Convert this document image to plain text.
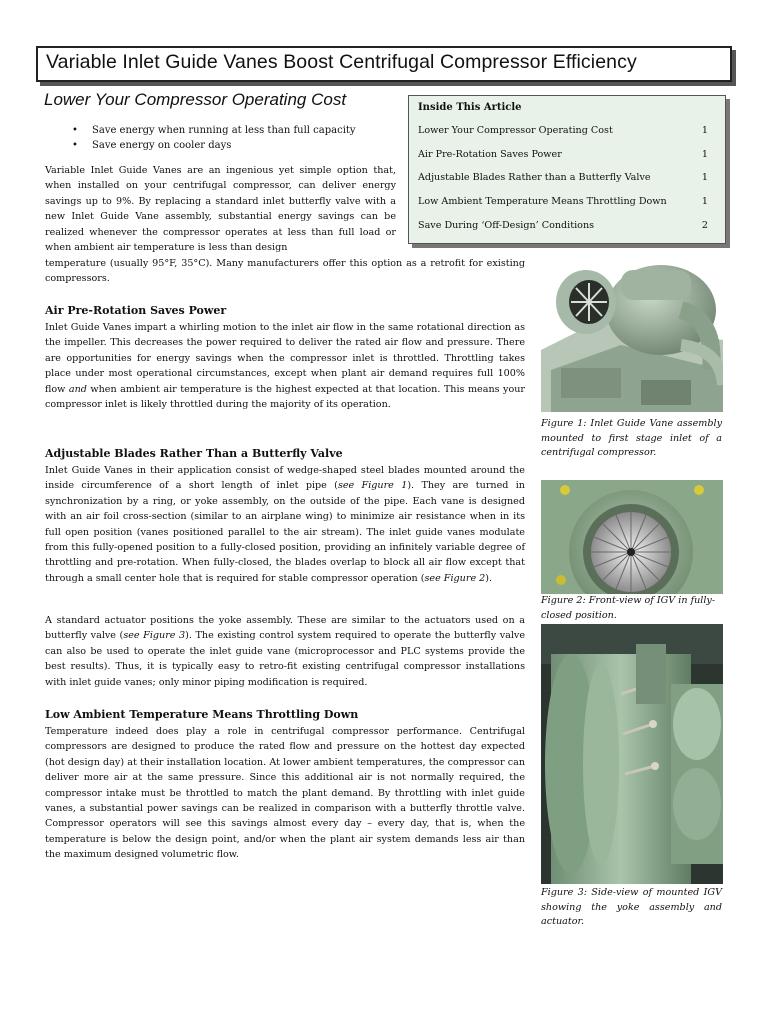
Variable Inlet Guide Vanes Boost Centrifugal Compressor Efficiency
Lower Your Compressor Operating Cost
• Save energy when running at less than full capacity
• Save energy on cooler days

Variable Inlet Guide Vanes are an ingenious yet simple option that, when installed on your centrifugal compressor, can deliver energy savings up to 9%. By replacing a standard inlet butterfly valve with a new Inlet Guide Vane assembly, substantial energy savings can be realized whenever the compressor operates at less than full load or when ambient air temperature is less than design

temperature (usually 95°F, 35°C). Many manufacturers offer this option as a retrofit for existing compressors.

Air Pre-Rotation Saves Power

Inlet Guide Vanes impart a whirling motion to the inlet air flow in the same rotational direction as the impeller. This decreases the power required to deliver the rated air flow and pressure. There are opportunities for energy savings when the compressor inlet is throttled. Throttling takes place under most operational circumstances, except when plant air demand requires full 100% flow and when ambient air temperature is the highest expected at that location. This means your compressor inlet is likely throttled during the majority of its operation.

Adjustable Blades Rather Than a Butterfly Valve

Inlet Guide Vanes in their application consist of wedge-shaped steel blades mounted around the inside circumference of a short length of inlet pipe (see Figure 1). They are turned in synchronization by a ring, or yoke assembly, on the outside of the pipe. Each vane is designed with an air foil cross-section (similar to an airplane wing) to minimize air resistance when in its full open position (vanes positioned parallel to the air stream). The inlet guide vanes modulate from this fully-opened position to a fully-closed position, providing an infinitely variable degree of throttling and pre-rotation. When fully-closed, the blades overlap to block all air flow except that through a small center hole that is required for stable compressor operation (see Figure 2).

A standard actuator positions the yoke assembly. These are similar to the actuators used on a butterfly valve (see Figure 3). The existing control system required to operate the butterfly valve can also be used to operate the inlet guide vane (microprocessor and PLC systems provide the best results). Thus, it is typically easy to retro-fit existing centrifugal compressor installations with inlet guide vanes; only minor piping modification is required.

Low Ambient Temperature Means Throttling Down

Temperature indeed does play a role in centrifugal compressor performance. Centrifugal compressors are designed to produce the rated flow and pressure on the hottest day expected (hot design day) at their installation location. At lower ambient temperatures, the compressor can deliver more air at the same pressure. Since this additional air is not normally required, the compressor intake must be throttled to match the plant demand. By throttling with inlet guide vanes, a substantial power savings can be realized in comparison with a butterfly throttle valve. Compressor operators will see this savings almost every day – every day, that is, when the temperature is below the design point, and/or when the plant air system demands less air than the maximum designed volumetric flow.

Inside This Article
Lower Your Compressor Operating Cost	1
Air Pre-Rotation Saves Power	1
Adjustable Blades Rather than a Butterfly Valve	1
Low Ambient Temperature Means Throttling Down	1
Save During ‘Off-Design’ Conditions	2

Figure 1: Inlet Guide Vane assembly mounted to first stage inlet of a centrifugal compressor.

Figure 2: Front-view of IGV in fully-closed position.

Figure 3: Side-view of mounted IGV showing the yoke assembly and actuator.
